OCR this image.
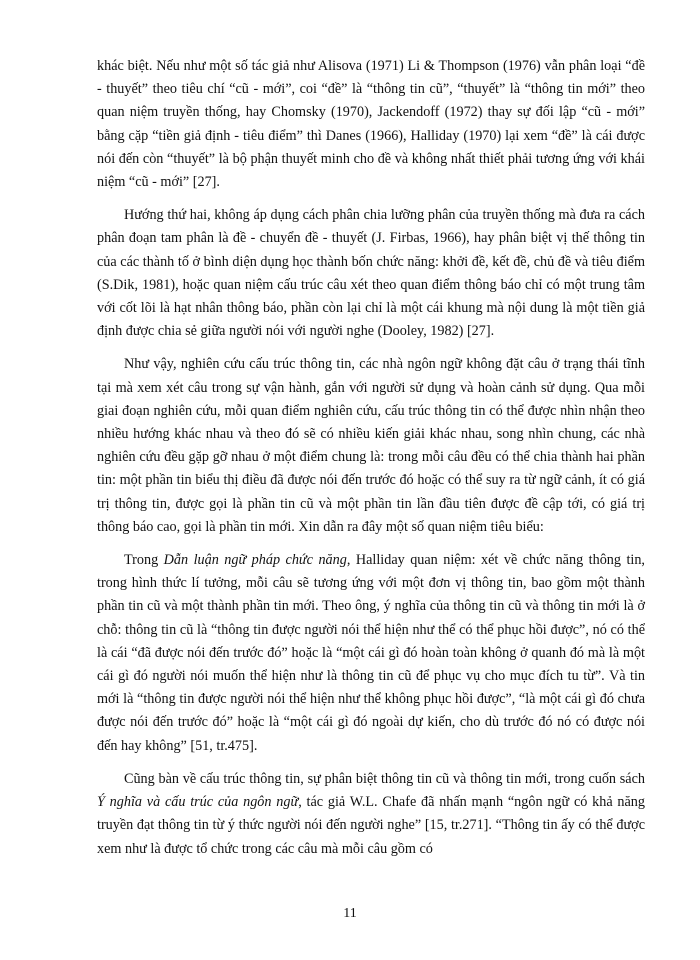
khác biệt. Nếu như một số tác giả như Alisova (1971) Li & Thompson (1976) vẫn phân loại “đề - thuyết” theo tiêu chí “cũ - mới”, coi “đề” là “thông tin cũ”, “thuyết” là “thông tin mới” theo quan niệm truyền thống, hay Chomsky (1970), Jackendoff (1972) thay sự đối lập “cũ - mới” bằng cặp “tiền giả định - tiêu điểm” thì Danes (1966), Halliday (1970) lại xem “đề” là cái được nói đến còn “thuyết” là bộ phận thuyết minh cho đề và không nhất thiết phải tương ứng với khái niệm “cũ - mới” [27].

Hướng thứ hai, không áp dụng cách phân chia lưỡng phân của truyền thống mà đưa ra cách phân đoạn tam phân là đề - chuyển đề - thuyết (J. Firbas, 1966), hay phân biệt vị thế thông tin của các thành tố ở bình diện dụng học thành bốn chức năng: khởi đề, kết đề, chủ đề và tiêu điểm (S.Dik, 1981), hoặc quan niệm cấu trúc câu xét theo quan điểm thông báo chỉ có một trung tâm với cốt lõi là hạt nhân thông báo, phần còn lại chỉ là một cái khung mà nội dung là một tiền giả định được chia sẻ giữa người nói với người nghe (Dooley, 1982) [27].

Như vậy, nghiên cứu cấu trúc thông tin, các nhà ngôn ngữ không đặt câu ở trạng thái tĩnh tại mà xem xét câu trong sự vận hành, gắn với người sử dụng và hoàn cảnh sử dụng. Qua mỗi giai đoạn nghiên cứu, mỗi quan điểm nghiên cứu, cấu trúc thông tin có thể được nhìn nhận theo nhiều hướng khác nhau và theo đó sẽ có nhiều kiến giải khác nhau, song nhìn chung, các nhà nghiên cứu đều gặp gỡ nhau ở một điểm chung là: trong mỗi câu đều có thể chia thành hai phần tin: một phần tin biểu thị điều đã được nói đến trước đó hoặc có thể suy ra từ ngữ cảnh, ít có giá trị thông tin, được gọi là phần tin cũ và một phần tin lần đầu tiên được đề cập tới, có giá trị thông báo cao, gọi là phần tin mới. Xin dẫn ra đây một số quan niệm tiêu biểu:

Trong Dẫn luận ngữ pháp chức năng, Halliday quan niệm: xét về chức năng thông tin, trong hình thức lí tưởng, mỗi câu sẽ tương ứng với một đơn vị thông tin, bao gồm một thành phần tin cũ và một thành phần tin mới. Theo ông, ý nghĩa của thông tin cũ và thông tin mới là ở chỗ: thông tin cũ là “thông tin được người nói thể hiện như thể có thể phục hồi được”, nó có thể là cái “đã được nói đến trước đó” hoặc là “một cái gì đó hoàn toàn không ở quanh đó mà là một cái gì đó người nói muốn thể hiện như là thông tin cũ để phục vụ cho mục đích tu từ”. Và tin mới là “thông tin được người nói thể hiện như thể không phục hồi được”, “là một cái gì đó chưa được nói đến trước đó” hoặc là “một cái gì đó ngoài dự kiến, cho dù trước đó nó có được nói đến hay không” [51, tr.475].

Cũng bàn về cấu trúc thông tin, sự phân biệt thông tin cũ và thông tin mới, trong cuốn sách Ý nghĩa và cấu trúc của ngôn ngữ, tác giả W.L. Chafe đã nhấn mạnh “ngôn ngữ có khả năng truyền đạt thông tin từ ý thức người nói đến người nghe” [15, tr.271]. “Thông tin ấy có thể được xem như là được tổ chức trong các câu mà mỗi câu gồm có

11
